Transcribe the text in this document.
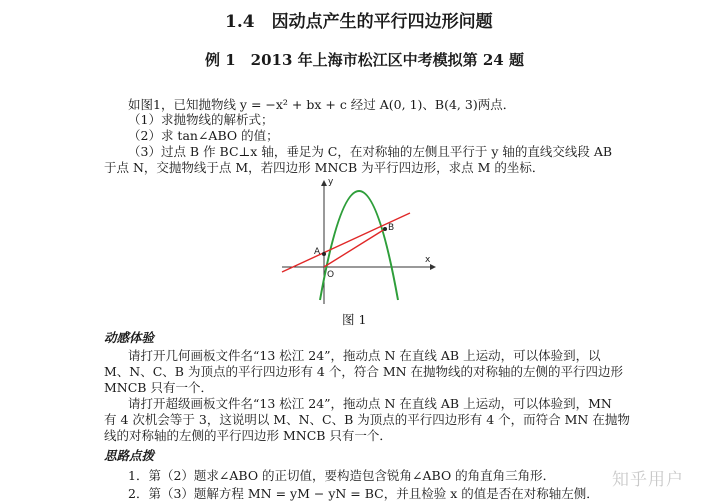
1.4　因动点产生的平行四边形问题
例 1　2013 年上海市松江区中考模拟第 24 题
如图1，已知抛物线 y = −x² + bx + c 经过 A(0, 1)、B(4, 3)两点．
（1）求抛物线的解析式；
（2）求 tan∠ABO 的值；
（3）过点 B 作 BC⊥x 轴，垂足为 C，在对称轴的左侧且平行于 y 轴的直线交线段 AB
于点 N，交抛物线于点 M，若四边形 MNCB 为平行四边形，求点 M 的坐标．
y
x
A
B
O
图 1
动感体验
请打开几何画板文件名“13 松江 24”，拖动点 N 在直线 AB 上运动，可以体验到，以
M、N、C、B 为顶点的平行四边形有 4 个，符合 MN 在抛物线的对称轴的左侧的平行四边形
MNCB 只有一个．
请打开超级画板文件名“13 松江 24”，拖动点 N 在直线 AB 上运动，可以体验到，MN
有 4 次机会等于 3，这说明以 M、N、C、B 为顶点的平行四边形有 4 个，而符合 MN 在抛物
线的对称轴的左侧的平行四边形 MNCB 只有一个．
思路点拨
1．第（2）题求∠ABO 的正切值，要构造包含锐角∠ABO 的角直角三角形．
2．第（3）题解方程 MN = yM − yN = BC，并且检验 x 的值是否在对称轴左侧．
知乎用户
